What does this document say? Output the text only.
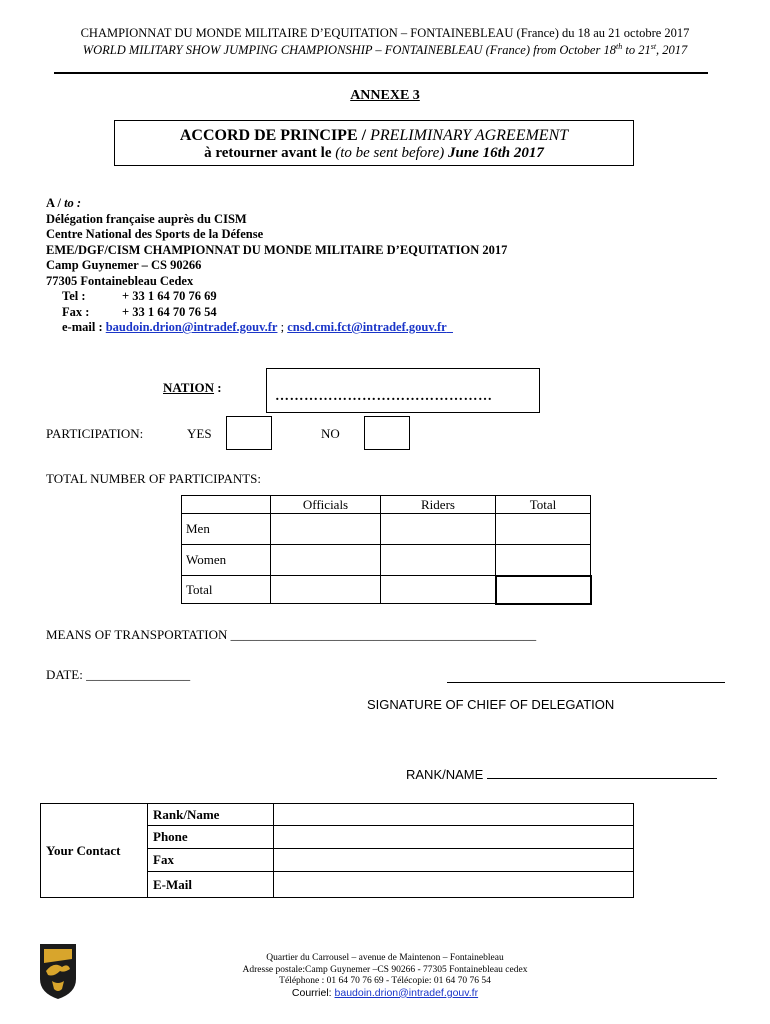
CHAMPIONNAT DU MONDE MILITAIRE D’EQUITATION – FONTAINEBLEAU (France) du 18 au 21 octobre 2017
WORLD MILITARY SHOW JUMPING CHAMPIONSHIP – FONTAINEBLEAU (France) from October 18th to 21st, 2017
ANNEXE 3
ACCORD DE PRINCIPE / PRELIMINARY AGREEMENT
à retourner avant le (to be sent before) June 16th 2017
A / to :
Délégation française auprès du CISM
Centre National des Sports de la Défense
EME/DGF/CISM CHAMPIONNAT DU MONDE MILITAIRE D’EQUITATION 2017
Camp Guynemer – CS 90266
77305 Fontainebleau Cedex
Tel :	+ 33 1 64 70 76 69
Fax :	+ 33 1 64 70 76 54
e-mail : baudoin.drion@intradef.gouv.fr ; cnsd.cmi.fct@intradef.gouv.fr
NATION :
………………………………………
PARTICIPATION:	YES	NO
TOTAL NUMBER OF PARTICIPANTS:
	Officials	Riders	Total
Men			
Women			
Total			
MEANS OF TRANSPORTATION _______________________________________________
DATE: ________________
SIGNATURE OF CHIEF OF DELEGATION
RANK/NAME
Your Contact	Rank/Name	
	Phone	
	Fax	
	E-Mail	
Quartier du Carrousel – avenue de Maintenon – Fontainebleau
Adresse postale:Camp Guynemer –CS 90266 - 77305 Fontainebleau cedex
Téléphone : 01 64 70 76 69 - Télécopie: 01 64 70 76 54
Courriel: baudoin.drion@intradef.gouv.fr
